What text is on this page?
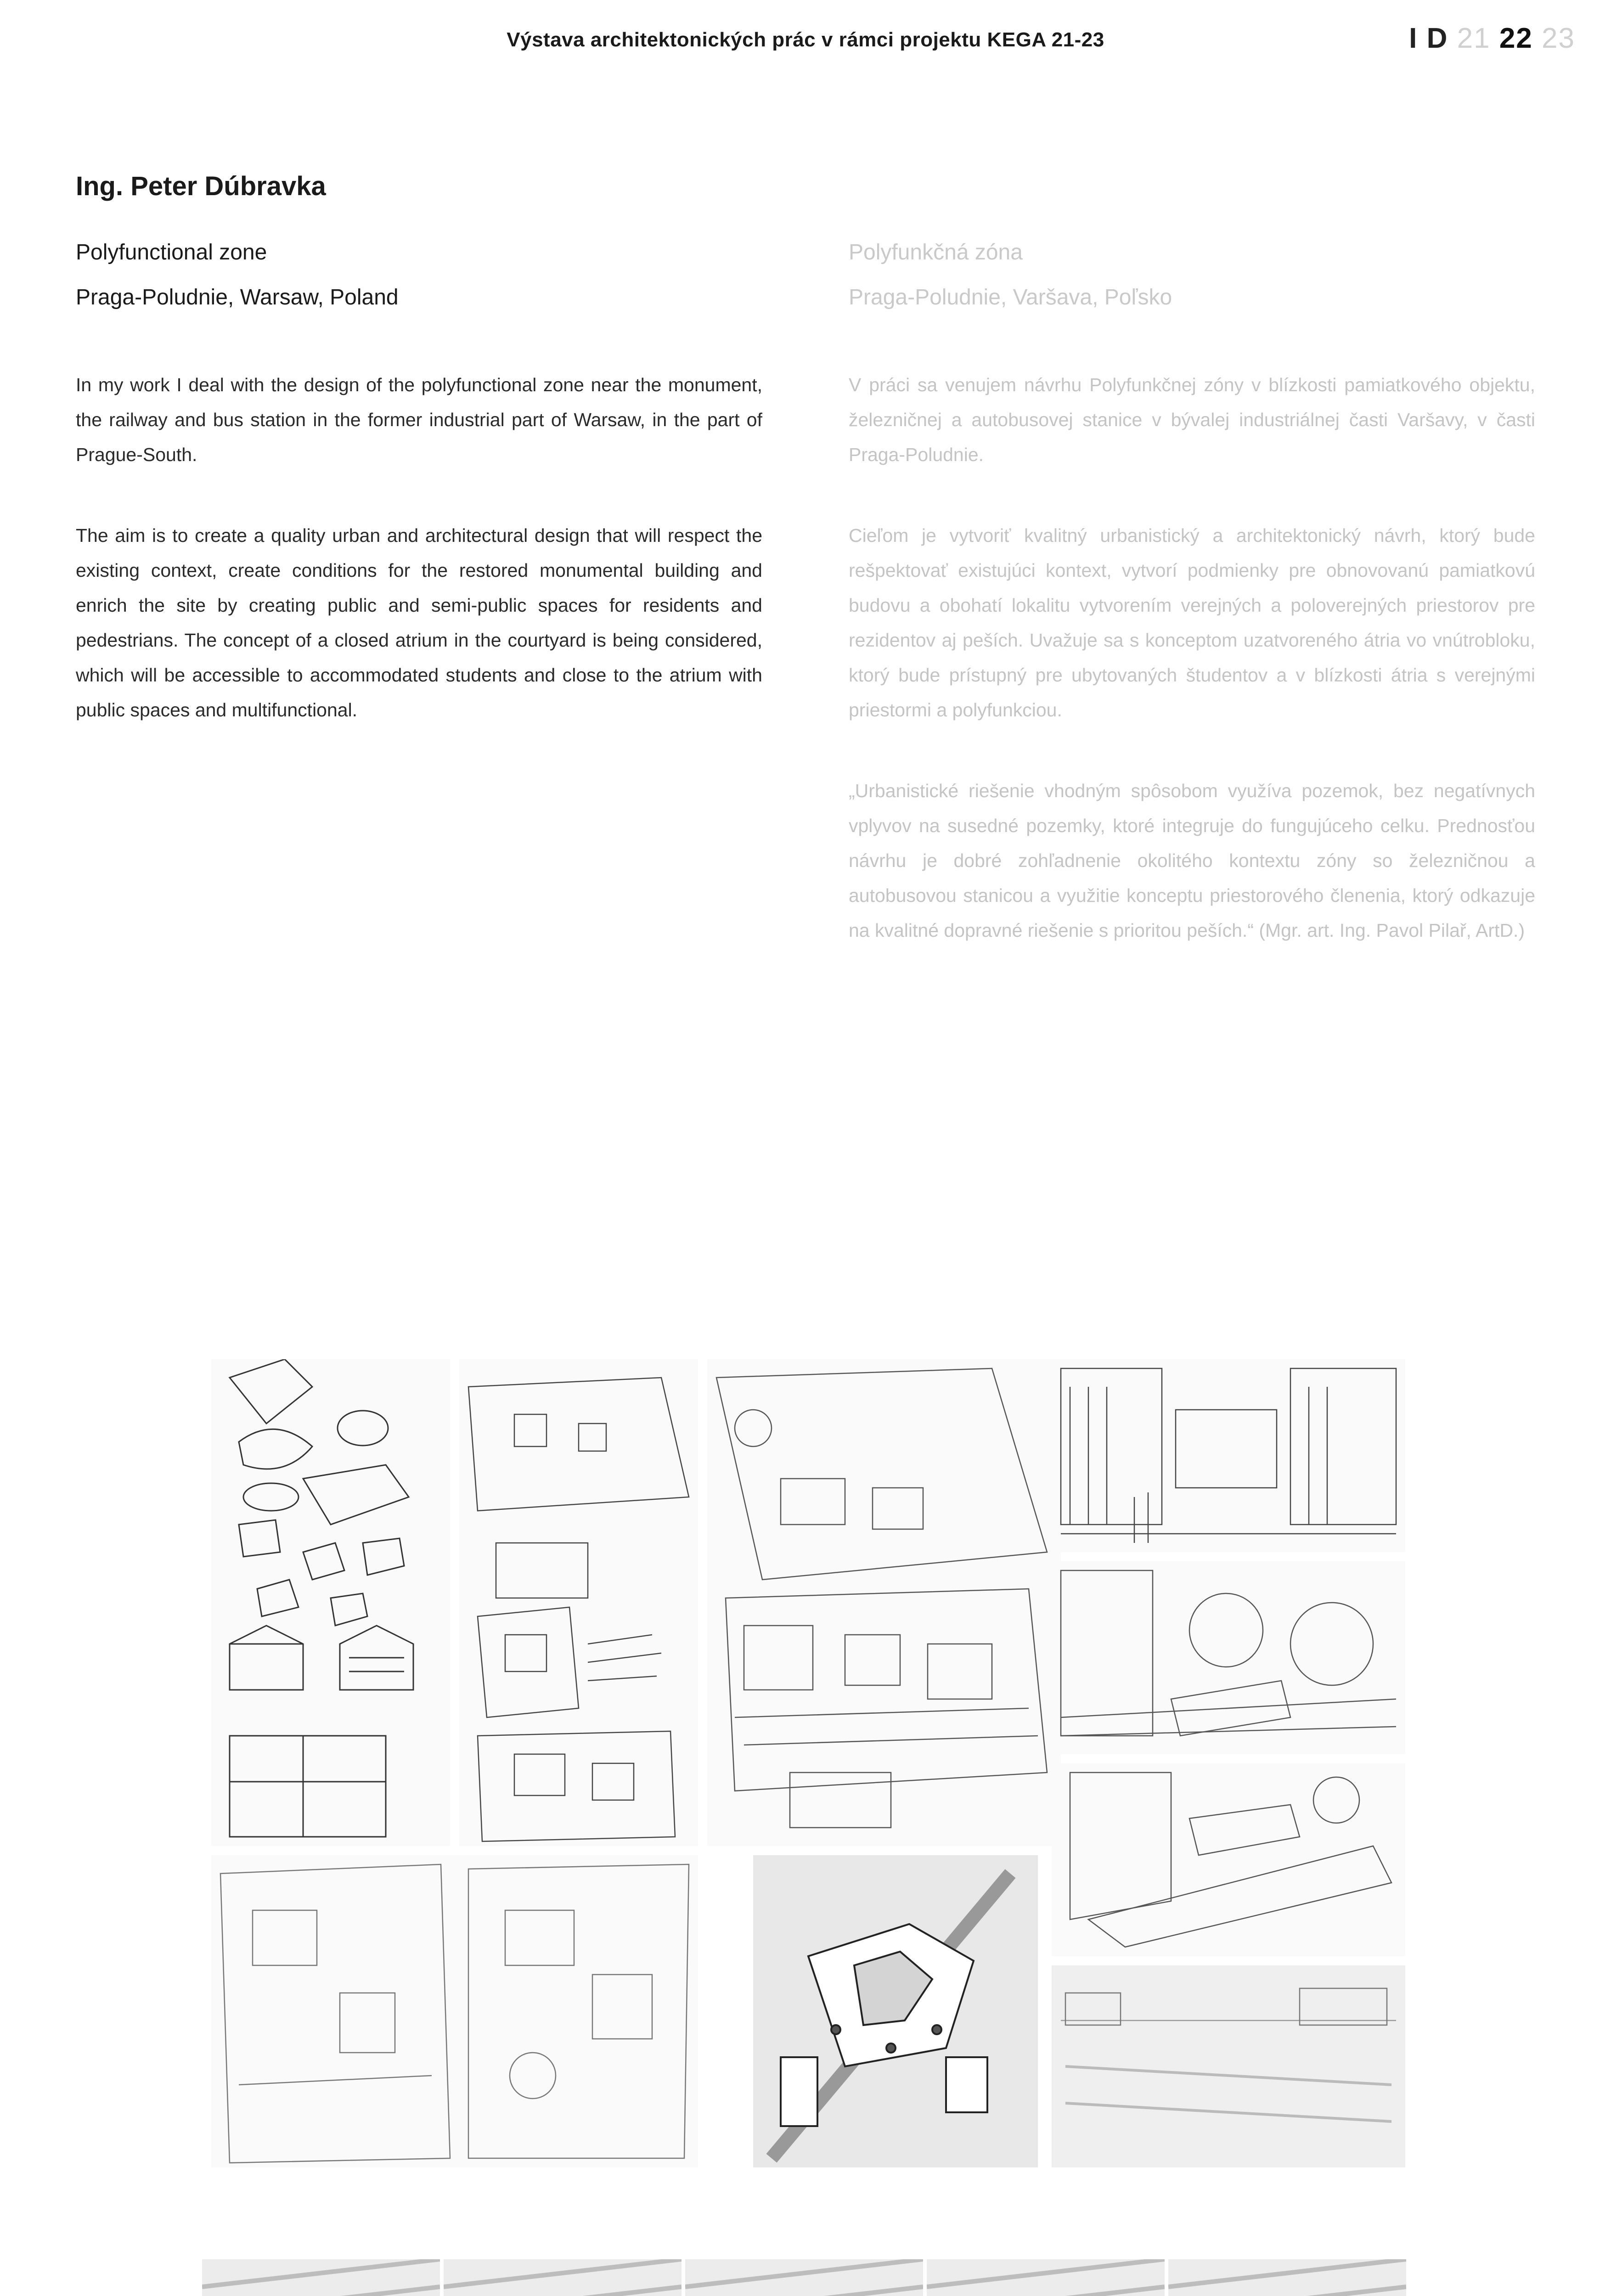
Výstava architektonických prác v rámci projektu KEGA 21-23	I D 21 22 23
Ing. Peter Dúbravka
Polyfunctional zone
Praga-Poludnie, Warsaw, Poland

In my work I deal with the design of the polyfunctional zone near the monument, the railway and bus station in the former industrial part of Warsaw, in the part of Prague-South.

The aim is to create a quality urban and architectural design that will respect the existing context, create conditions for the restored monumental building and enrich the site by creating public and semi-public spaces for residents and pedestrians. The concept of a closed atrium in the courtyard is being considered, which will be accessible to accommodated students and close to the atrium with public spaces and multifunctional.

Polyfunkčná zóna
Praga-Poludnie, Varšava, Poľsko

V práci sa venujem návrhu Polyfunkčnej zóny v blízkosti pamiatkového objektu, železničnej a autobusovej stanice v bývalej industriálnej časti Varšavy, v časti Praga-Poludnie.

Cieľom je vytvoriť kvalitný urbanistický a architektonický návrh, ktorý bude rešpektovať existujúci kontext, vytvorí podmienky pre obnovovanú pamiatkovú budovu a obohatí lokalitu vytvorením verejných a poloverejných priestorov pre rezidentov aj peších. Uvažuje sa s konceptom uzatvoreného átria vo vnútrobloku, ktorý bude prístupný pre ubytovaných študentov a v blízkosti átria s verejnými priestormi a polyfunkciou.

„Urbanistické riešenie vhodným spôsobom využíva pozemok, bez negatívnych vplyvov na susedné pozemky, ktoré integruje do fungujúceho celku. Prednosťou návrhu je dobré zohľadnenie okolitého kontextu zóny so železničnou a autobusovou stanicou a využitie konceptu priestorového členenia, ktorý odkazuje na kvalitné dopravné riešenie s prioritou peších.“ (Mgr. art. Ing. Pavol Pilař, ArtD.)
